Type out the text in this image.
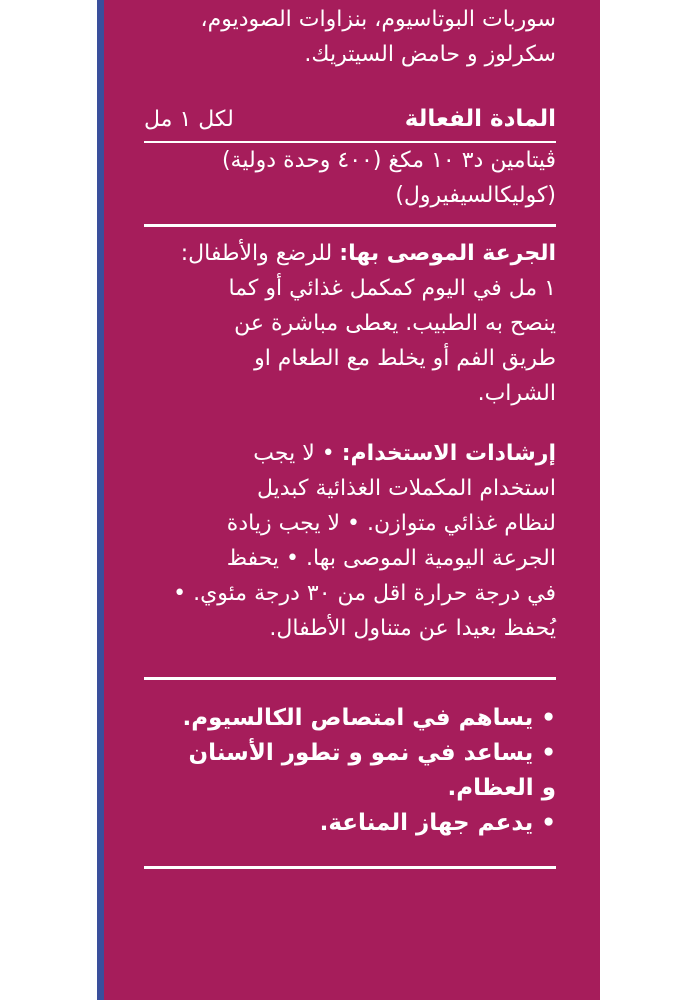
سوربات البوتاسيوم، بنزاوات الصوديوم،
سكرلوز و حامض السيتريك.

المادة الفعالة
لكل ١ مل

ڤيتامين د٣ ١٠ مكغ (٤٠٠ وحدة دولية)
(كوليكالسيفيرول)

الجرعة الموصى بها: للرضع والأطفال:
١ مل في اليوم كمكمل غذائي أو كما
ينصح به الطبيب. يعطى مباشرة عن
طريق الفم أو يخلط مع الطعام او
الشراب.

إرشادات الاستخدام: • لا يجب
استخدام المكملات الغذائية كبديل
لنظام غذائي متوازن. • لا يجب زيادة
الجرعة اليومية الموصى بها. • يحفظ
في درجة حرارة اقل من ٣٠ درجة مئوي. •
يُحفظ بعيدا عن متناول الأطفال.

• يساهم في امتصاص الكالسيوم.
• يساعد في نمو و تطور الأسنان
و العظام.
• يدعم جهاز المناعة.
